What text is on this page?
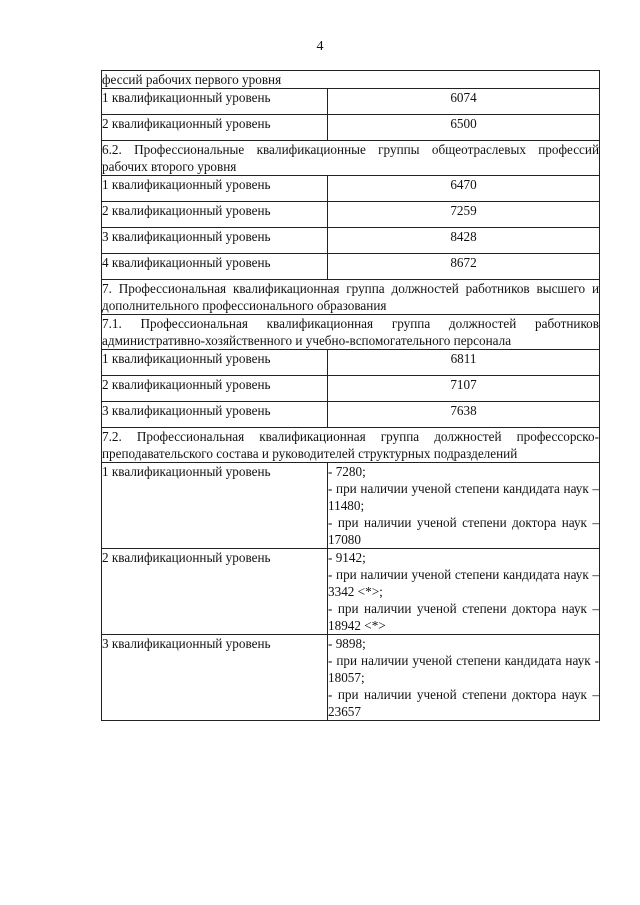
4
фессий рабочих первого уровня	
1 квалификационный уровень	6074
2 квалификационный уровень	6500
6.2. Профессиональные квалификационные группы общеотраслевых профессий рабочих второго уровня	
1 квалификационный уровень	6470
2 квалификационный уровень	7259
3 квалификационный уровень	8428
4 квалификационный уровень	8672
7. Профессиональная квалификационная группа должностей работников высшего и дополнительного профессионального образования	
7.1. Профессиональная квалификационная группа должностей работников административно-хозяйственного и учебно-вспомогательного персонала	
1 квалификационный уровень	6811
2 квалификационный уровень	7107
3 квалификационный уровень	7638
7.2. Профессиональная квалификационная группа должностей профессорско-преподавательского состава и руководителей структурных подразделений	
1 квалификационный уровень	- 7280;
- при наличии ученой степени кандидата наук – 11480;
- при наличии ученой степени доктора наук – 17080

2 квалификационный уровень	- 9142;
- при наличии ученой степени кандидата наук – 3342 <*>;
- при наличии ученой степени доктора наук – 18942 <*>

3 квалификационный уровень	- 9898;
- при наличии ученой степени кандидата наук - 18057;
- при наличии ученой степени доктора наук – 23657
